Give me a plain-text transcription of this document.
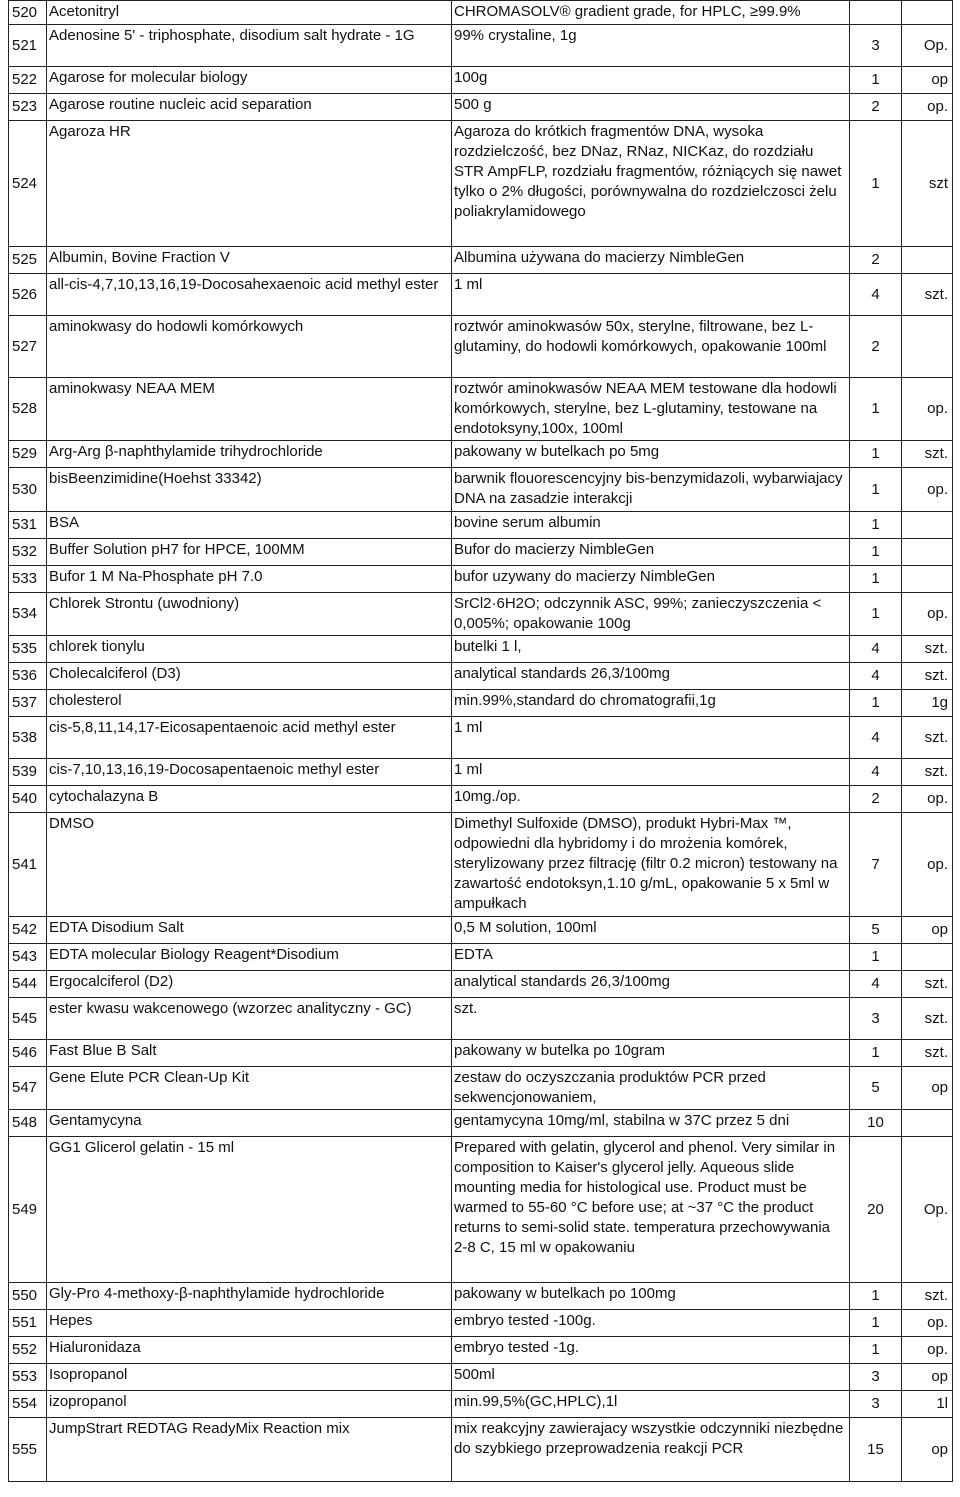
520	Acetonitryl	CHROMASOLV® gradient grade, for HPLC, ≥99.9%		
521	Adenosine 5' - triphosphate, disodium salt hydrate - 1G	99% crystaline, 1g	3	Op.
522	Agarose for molecular biology	100g	1	op
523	Agarose routine nucleic acid separation	500 g	2	op.
524	Agaroza HR	Agaroza do krótkich fragmentów DNA, wysoka rozdzielczość, bez DNaz, RNaz, NICKaz, do rozdziału STR AmpFLP, rozdziału fragmentów, różniących się nawet tylko o 2% długości, porównywalna do rozdzielczosci żelu poliakrylamidowego	1	szt
525	Albumin, Bovine Fraction V	Albumina używana do macierzy NimbleGen	2	
526	all-cis-4,7,10,13,16,19-Docosahexaenoic acid methyl ester	1 ml	4	szt.
527	aminokwasy do hodowli komórkowych	roztwór aminokwasów 50x, sterylne, filtrowane, bez L-glutaminy, do hodowli komórkowych, opakowanie 100ml	2	
528	aminokwasy NEAA MEM	roztwór aminokwasów NEAA MEM testowane dla hodowli komórkowych, sterylne, bez L-glutaminy, testowane na endotoksyny,100x, 100ml	1	op.
529	Arg-Arg β-naphthylamide trihydrochloride	pakowany w butelkach po 5mg	1	szt.
530	bisBeenzimidine(Hoehst 33342)	barwnik flouorescencyjny bis-benzymidazoli, wybarwiajacy DNA na zasadzie interakcji	1	op.
531	BSA	bovine serum albumin	1	
532	Buffer Solution pH7 for HPCE, 100MM	Bufor do macierzy NimbleGen	1	
533	Bufor 1 M Na-Phosphate pH 7.0	bufor uzywany do macierzy NimbleGen	1	
534	Chlorek Strontu (uwodniony)	SrCl2·6H2O; odczynnik ASC, 99%; zanieczyszczenia < 0,005%; opakowanie 100g	1	op.
535	chlorek tionylu	butelki 1 l,	4	szt.
536	Cholecalciferol (D3)	analytical standards 26,3/100mg	4	szt.
537	cholesterol	min.99%,standard do chromatografii,1g	1	1g
538	cis-5,8,11,14,17-Eicosapentaenoic acid methyl ester	1 ml	4	szt.
539	cis-7,10,13,16,19-Docosapentaenoic methyl ester	1 ml	4	szt.
540	cytochalazyna B	10mg./op.	2	op.
541	DMSO	Dimethyl Sulfoxide (DMSO), produkt Hybri-Max ™, odpowiedni dla hybridomy i do mrożenia komórek, sterylizowany przez filtrację (filtr 0.2 micron) testowany na zawartość endotoksyn,1.10 g/mL, opakowanie 5 x 5ml w ampułkach	7	op.
542	EDTA Disodium Salt	0,5 M solution, 100ml	5	op
543	EDTA molecular Biology Reagent*Disodium	EDTA	1	
544	Ergocalciferol (D2)	analytical standards 26,3/100mg	4	szt.
545	ester kwasu wakcenowego (wzorzec analityczny - GC)	szt.	3	szt.
546	Fast Blue B Salt	pakowany w butelka po 10gram	1	szt.
547	Gene Elute PCR Clean-Up Kit	zestaw do oczyszczania produktów PCR przed sekwencjonowaniem,	5	op
548	Gentamycyna	gentamycyna 10mg/ml, stabilna w 37C przez 5 dni	10	
549	GG1 Glicerol gelatin - 15 ml	Prepared with gelatin, glycerol and phenol. Very similar in composition to Kaiser's glycerol jelly. Aqueous slide mounting media for histological use. Product must be warmed to 55-60 °C before use; at ~37 °C the product returns to semi-solid state. temperatura przechowywania 2-8 C, 15 ml w opakowaniu	20	Op.
550	Gly-Pro 4-methoxy-β-naphthylamide hydrochloride	pakowany w butelkach po 100mg	1	szt.
551	Hepes	embryo tested -100g.	1	op.
552	Hialuronidaza	embryo tested -1g.	1	op.
553	Isopropanol	500ml	3	op
554	izopropanol	min.99,5%(GC,HPLC),1l	3	1l
555	JumpStrart REDTAG ReadyMix Reaction mix	mix reakcyjny zawierajacy wszystkie odczynniki niezbędne do szybkiego przeprowadzenia reakcji PCR	15	op
